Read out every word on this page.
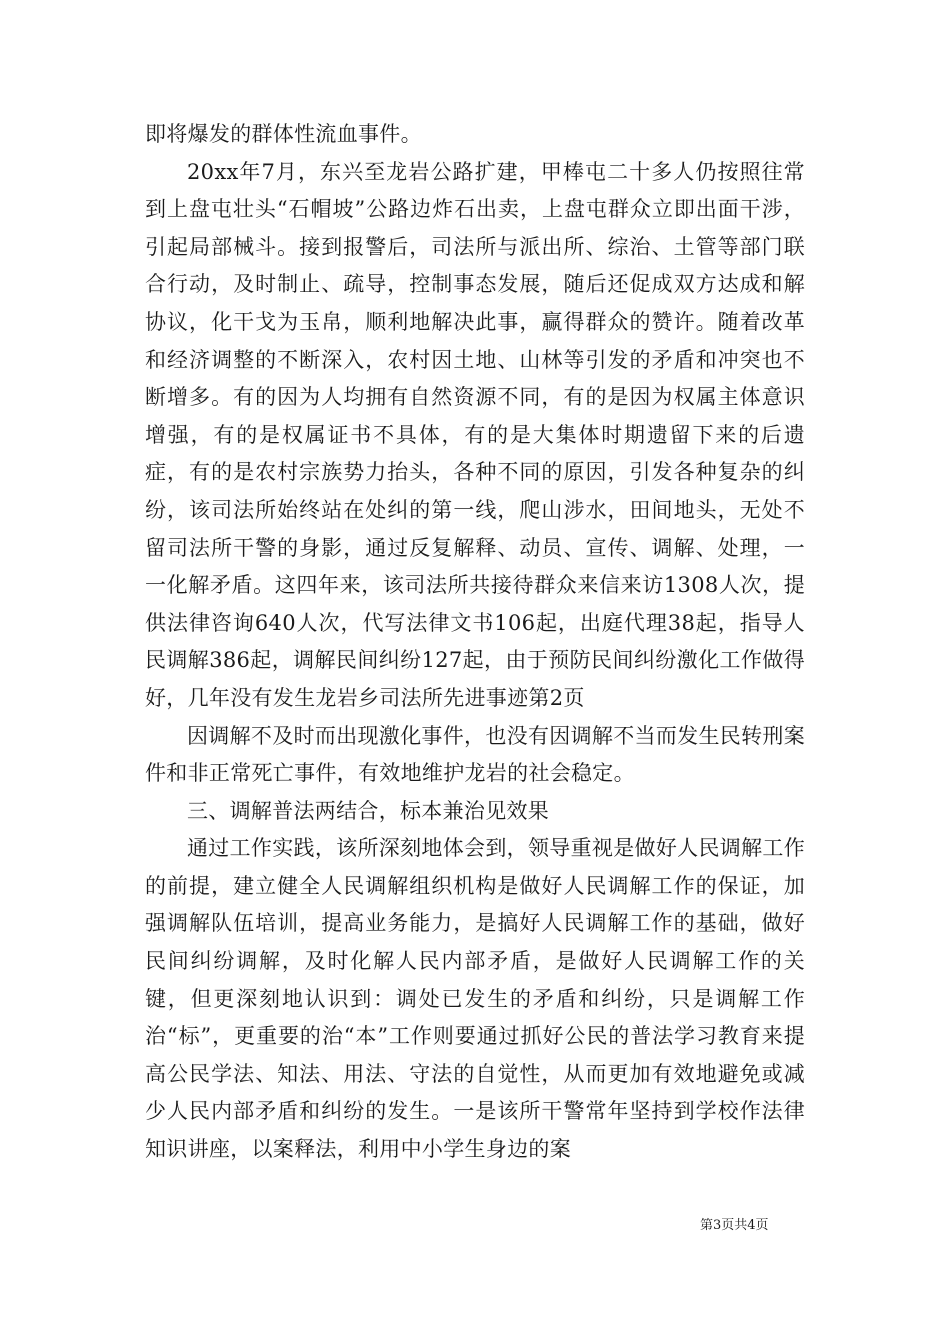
即将爆发的群体性流血事件。

20xx年7月，东兴至龙岩公路扩建，甲棒屯二十多人仍按照往常到上盘屯壮头“石帽坡”公路边炸石出卖，上盘屯群众立即出面干涉，引起局部械斗。接到报警后，司法所与派出所、综治、土管等部门联合行动，及时制止、疏导，控制事态发展，随后还促成双方达成和解协议，化干戈为玉帛，顺利地解决此事，赢得群众的赞许。随着改革和经济调整的不断深入，农村因土地、山林等引发的矛盾和冲突也不断增多。有的因为人均拥有自然资源不同，有的是因为权属主体意识增强，有的是权属证书不具体，有的是大集体时期遗留下来的后遗症，有的是农村宗族势力抬头，各种不同的原因，引发各种复杂的纠纷，该司法所始终站在处纠的第一线，爬山涉水，田间地头，无处不留司法所干警的身影，通过反复解释、动员、宣传、调解、处理，一一化解矛盾。这四年来，该司法所共接待群众来信来访1308人次，提供法律咨询640人次，代写法律文书106起，出庭代理38起，指导人民调解386起，调解民间纠纷127起，由于预防民间纠纷激化工作做得好，几年没有发生龙岩乡司法所先进事迹第2页

因调解不及时而出现激化事件，也没有因调解不当而发生民转刑案件和非正常死亡事件，有效地维护龙岩的社会稳定。

三、调解普法两结合，标本兼治见效果

通过工作实践，该所深刻地体会到，领导重视是做好人民调解工作的前提，建立健全人民调解组织机构是做好人民调解工作的保证，加强调解队伍培训，提高业务能力，是搞好人民调解工作的基础，做好民间纠纷调解，及时化解人民内部矛盾，是做好人民调解工作的关键，但更深刻地认识到：调处已发生的矛盾和纠纷，只是调解工作治“标”，更重要的治“本”工作则要通过抓好公民的普法学习教育来提高公民学法、知法、用法、守法的自觉性，从而更加有效地避免或减少人民内部矛盾和纠纷的发生。一是该所干警常年坚持到学校作法律知识讲座，以案释法，利用中小学生身边的案

第3页共4页
